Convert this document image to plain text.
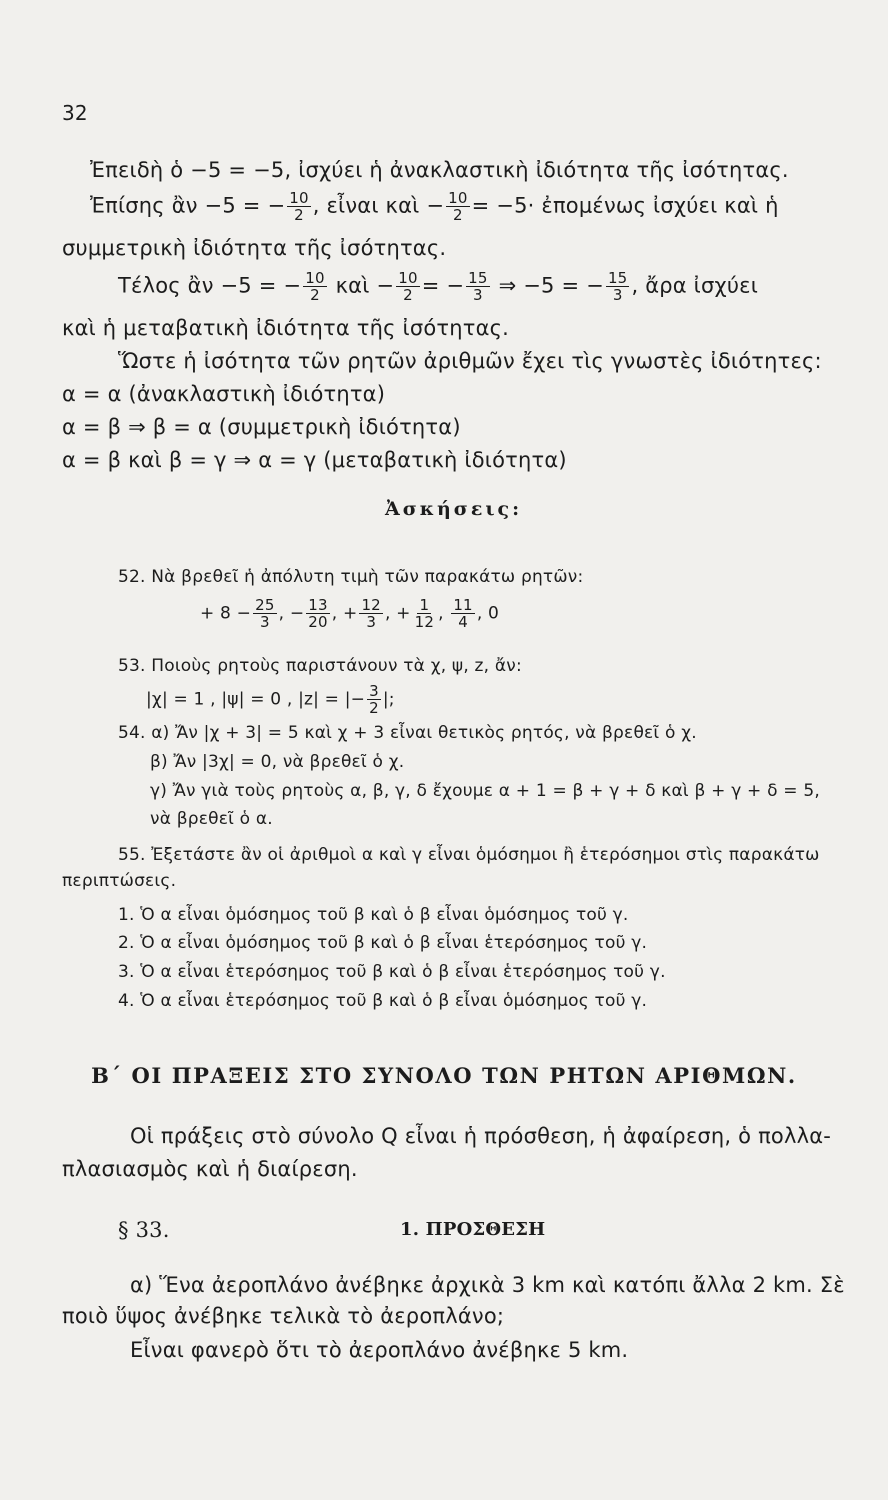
32
Ἐπειδὴ ὁ −5 = −5, ἰσχύει ἡ ἀνακλαστικὴ ἰδιότητα τῆς ἰσότητας.
Ἐπίσης ἂν −5 = − $\frac{10}{2}$ , εἶναι καὶ − $\frac{10}{2} = -5\cdot$ ἐπομένως ἰσχύει καὶ ἡ
συμμετρικὴ ἰδιότητα τῆς ἰσότητας.
Τέλος ἂν −5 = − $\frac{10}{2}$ καὶ − $\frac{10}{2}$ = − $\frac{15}{3}$ ⇒ −5 = − $\frac{15}{3}$ , ἄρα ἰσχύει
καὶ ἡ μεταβατικὴ ἰδιότητα τῆς ἰσότητας.
Ὥστε ἡ ἰσότητα τῶν ρητῶν ἀριθμῶν ἔχει τὶς γνωστὲς ἰδιότητες:
α = α (ἀνακλαστικὴ ἰδιότητα)
α = β ⇒ β = α (συμμετρικὴ ἰδιότητα)
α = β καὶ β = γ ⇒ α = γ (μεταβατικὴ ἰδιότητα)
Ἀσκήσεις:
52. Νὰ βρεθεῖ ἡ ἀπόλυτη τιμὴ τῶν παρακάτω ρητῶν:
+ $8 - \frac{25}{3}$ , − $\frac{13}{20}$ , + $\frac{12}{3}$ , + $\frac{1}{12}$ , $\frac{11}{4}$ , 0
53. Ποιοὺς ρητοὺς παριστάνουν τὰ χ, ψ, z, ἄν:
|χ| = 1 , |ψ| = 0 , |z| = |− $\frac{3}{2}$ |;
54. α) Ἄν |χ + 3| = 5 καὶ χ + 3 εἶναι θετικὸς ρητός, νὰ βρεθεῖ ὁ χ.
β) Ἄν |3χ| = 0, νὰ βρεθεῖ ὁ χ.
γ) Ἄν γιὰ τοὺς ρητοὺς α, β, γ, δ ἔχουμε α + 1 = β + γ + δ καὶ β + γ + δ = 5,
νὰ βρεθεῖ ὁ α.
55. Ἐξετάστε ἂν οἱ ἀριθμοὶ α καὶ γ εἶναι ὁμόσημοι ἢ ἑτερόσημοι στὶς παρακάτω
περιπτώσεις.
1. Ὁ α εἶναι ὁμόσημος τοῦ β καὶ ὁ β εἶναι ὁμόσημος τοῦ γ.
2. Ὁ α εἶναι ὁμόσημος τοῦ β καὶ ὁ β εἶναι ἑτερόσημος τοῦ γ.
3. Ὁ α εἶναι ἑτερόσημος τοῦ β καὶ ὁ β εἶναι ἑτερόσημος τοῦ γ.
4. Ὁ α εἶναι ἑτερόσημος τοῦ β καὶ ὁ β εἶναι ὁμόσημος τοῦ γ.
Β΄ ΟΙ ΠΡΑΞΕΙΣ ΣΤΟ ΣΥΝΟΛΟ ΤΩΝ ΡΗΤΩΝ ΑΡΙΘΜΩΝ.
Οἱ πράξεις στὸ σύνολο Q εἶναι ἡ πρόσθεση, ἡ ἀφαίρεση, ὁ πολλα-
πλασιασμὸς καὶ ἡ διαίρεση.
§ 33.	1. ΠΡΟΣΘΕΣΗ
α) Ἕνα ἀεροπλάνο ἀνέβηκε ἀρχικὰ 3 km καὶ κατόπι ἄλλα 2 km. Σὲ
ποιὸ ὕψος ἀνέβηκε τελικὰ τὸ ἀεροπλάνο;
Εἶναι φανερὸ ὅτι τὸ ἀεροπλάνο ἀνέβηκε 5 km.
